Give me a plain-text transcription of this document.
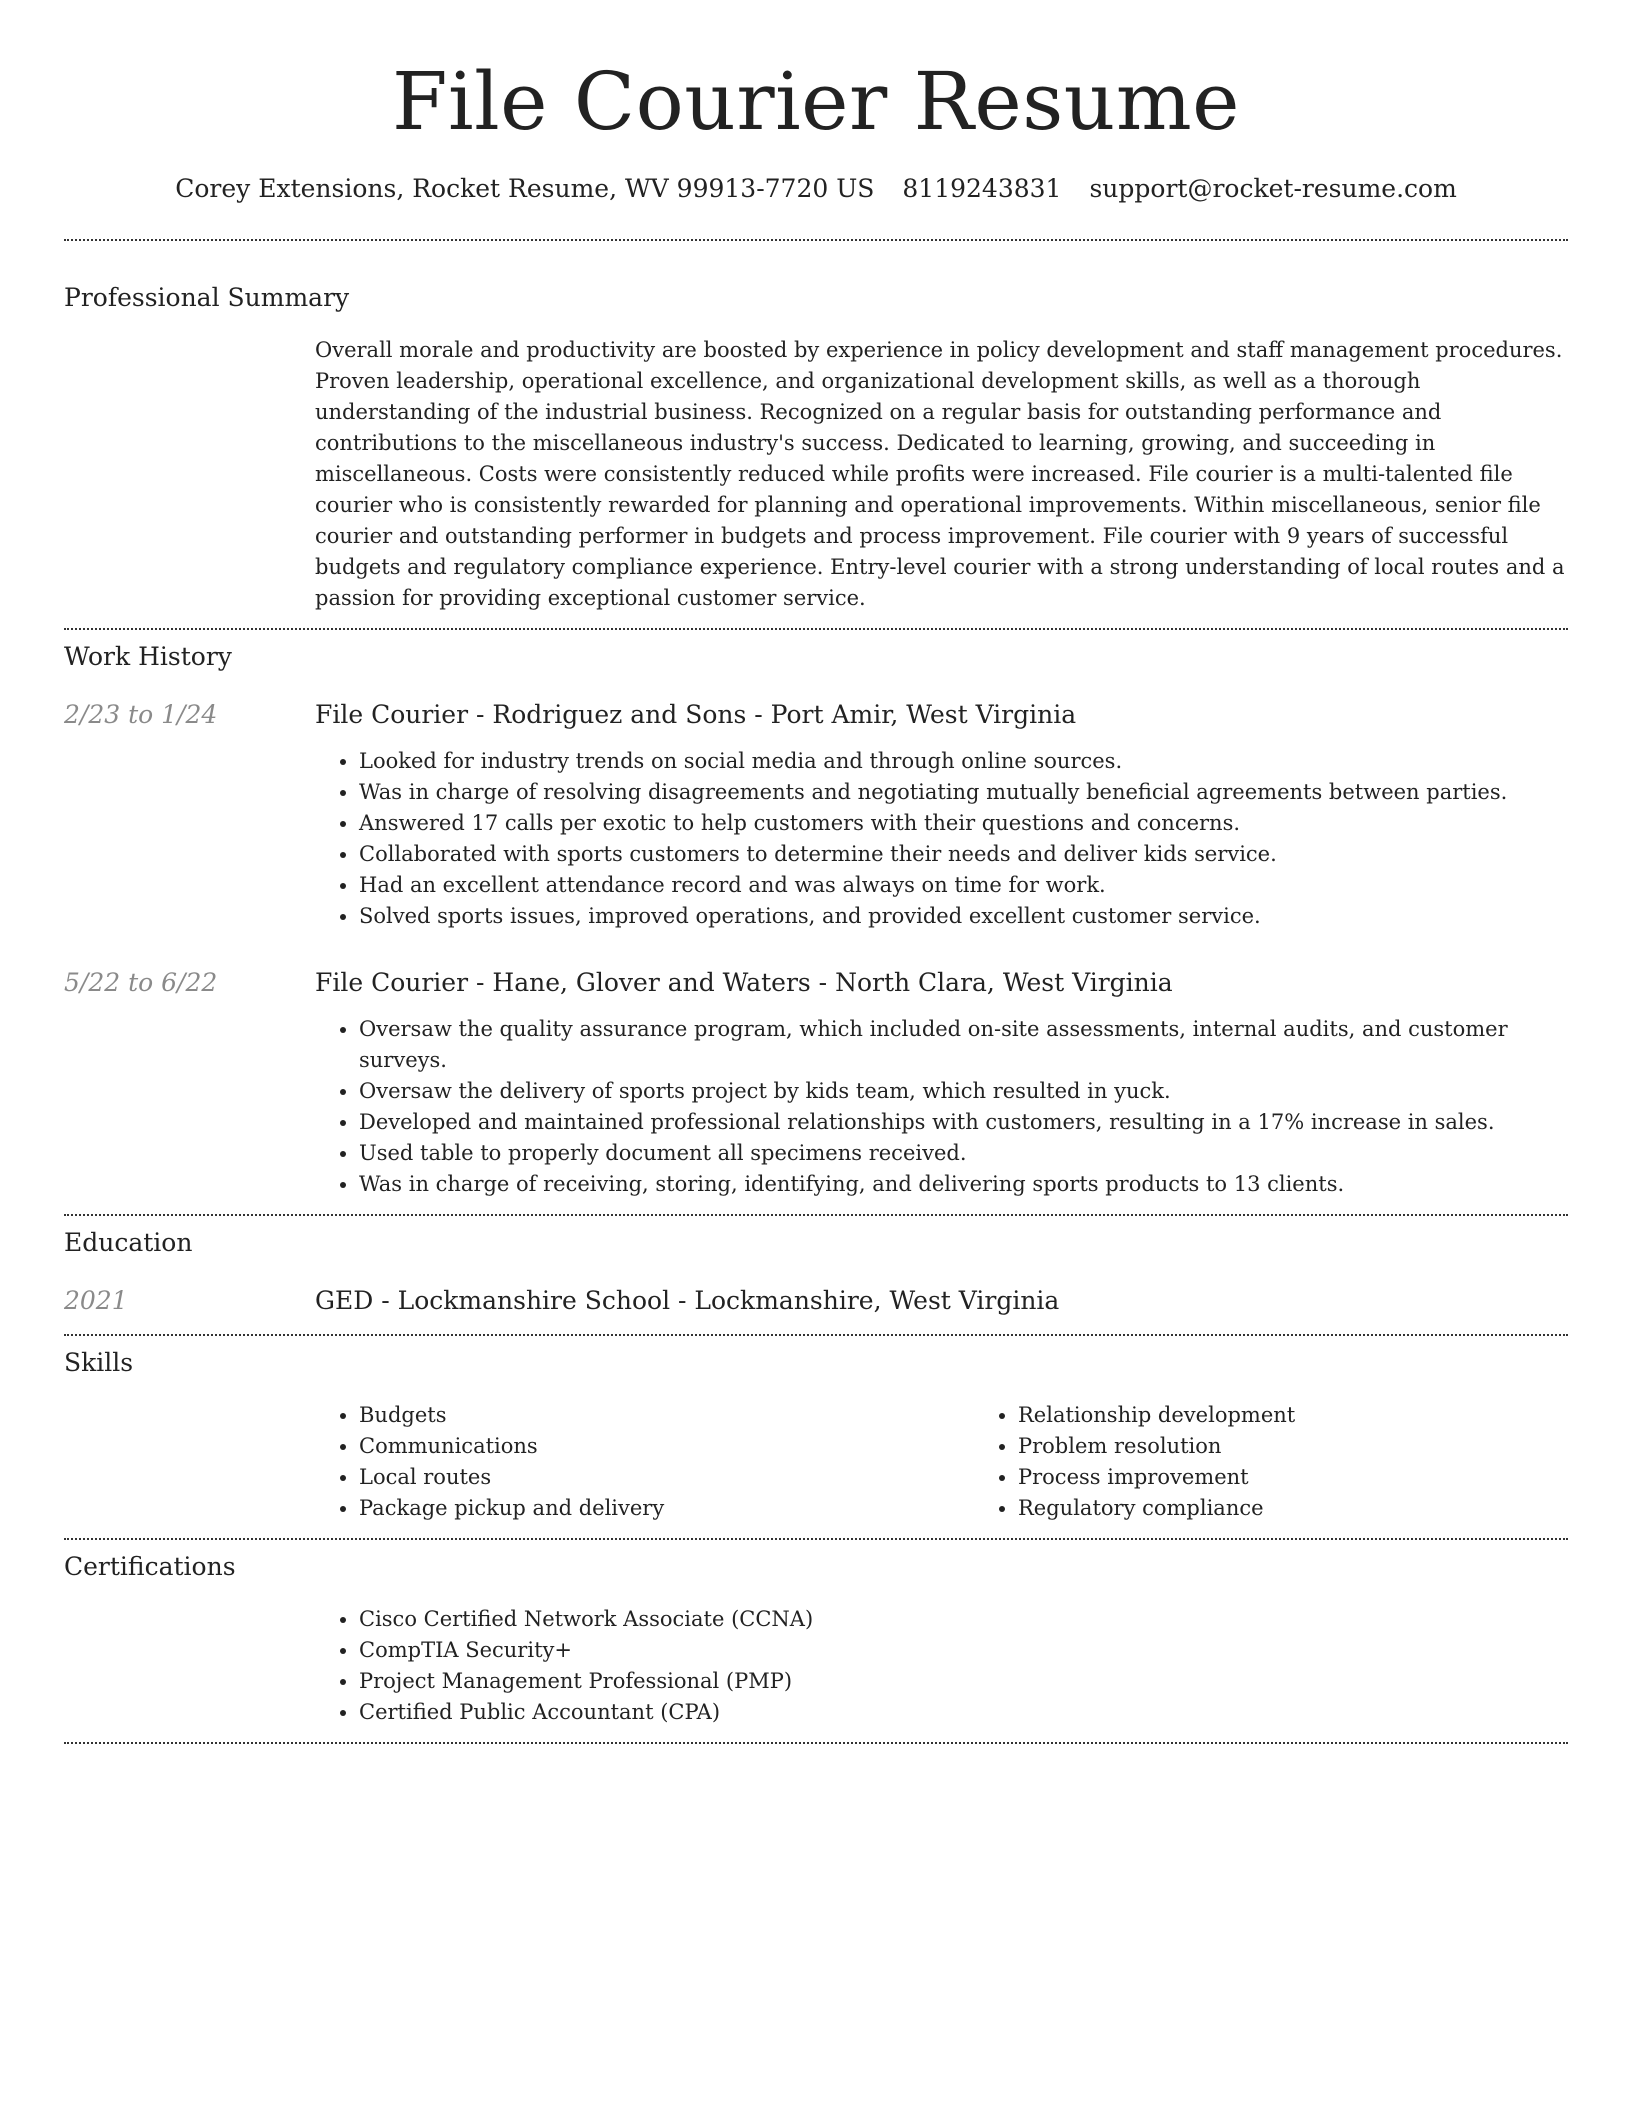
File Courier Resume
Corey Extensions, Rocket Resume, WV 99913-7720 US 8119243831 support@rocket-resume.com
Professional Summary

Overall morale and productivity are boosted by experience in policy development and staff management procedures. Proven leadership, operational excellence, and organizational development skills, as well as a thorough understanding of the industrial business. Recognized on a regular basis for outstanding performance and contributions to the miscellaneous industry's success. Dedicated to learning, growing, and succeeding in miscellaneous. Costs were consistently reduced while profits were increased. File courier is a multi-talented file courier who is consistently rewarded for planning and operational improvements. Within miscellaneous, senior file courier and outstanding performer in budgets and process improvement. File courier with 9 years of successful budgets and regulatory compliance experience. Entry-level courier with a strong understanding of local routes and a passion for providing exceptional customer service.

Work History
2/23 to 1/24	File Courier - Rodriguez and Sons - Port Amir, West Virginia
• Looked for industry trends on social media and through online sources.
• Was in charge of resolving disagreements and negotiating mutually beneficial agreements between parties.
• Answered 17 calls per exotic to help customers with their questions and concerns.
• Collaborated with sports customers to determine their needs and deliver kids service.
• Had an excellent attendance record and was always on time for work.
• Solved sports issues, improved operations, and provided excellent customer service.
5/22 to 6/22	File Courier - Hane, Glover and Waters - North Clara, West Virginia
• Oversaw the quality assurance program, which included on-site assessments, internal audits, and customer surveys.
• Oversaw the delivery of sports project by kids team, which resulted in yuck.
• Developed and maintained professional relationships with customers, resulting in a 17% increase in sales.
• Used table to properly document all specimens received.
• Was in charge of receiving, storing, identifying, and delivering sports products to 13 clients.
Education
2021	GED - Lockmanshire School - Lockmanshire, West Virginia
Skills
• Budgets
• Communications
• Local routes
• Package pickup and delivery
• Relationship development
• Problem resolution
• Process improvement
• Regulatory compliance
Certifications
• Cisco Certified Network Associate (CCNA)
• CompTIA Security+
• Project Management Professional (PMP)
• Certified Public Accountant (CPA)
